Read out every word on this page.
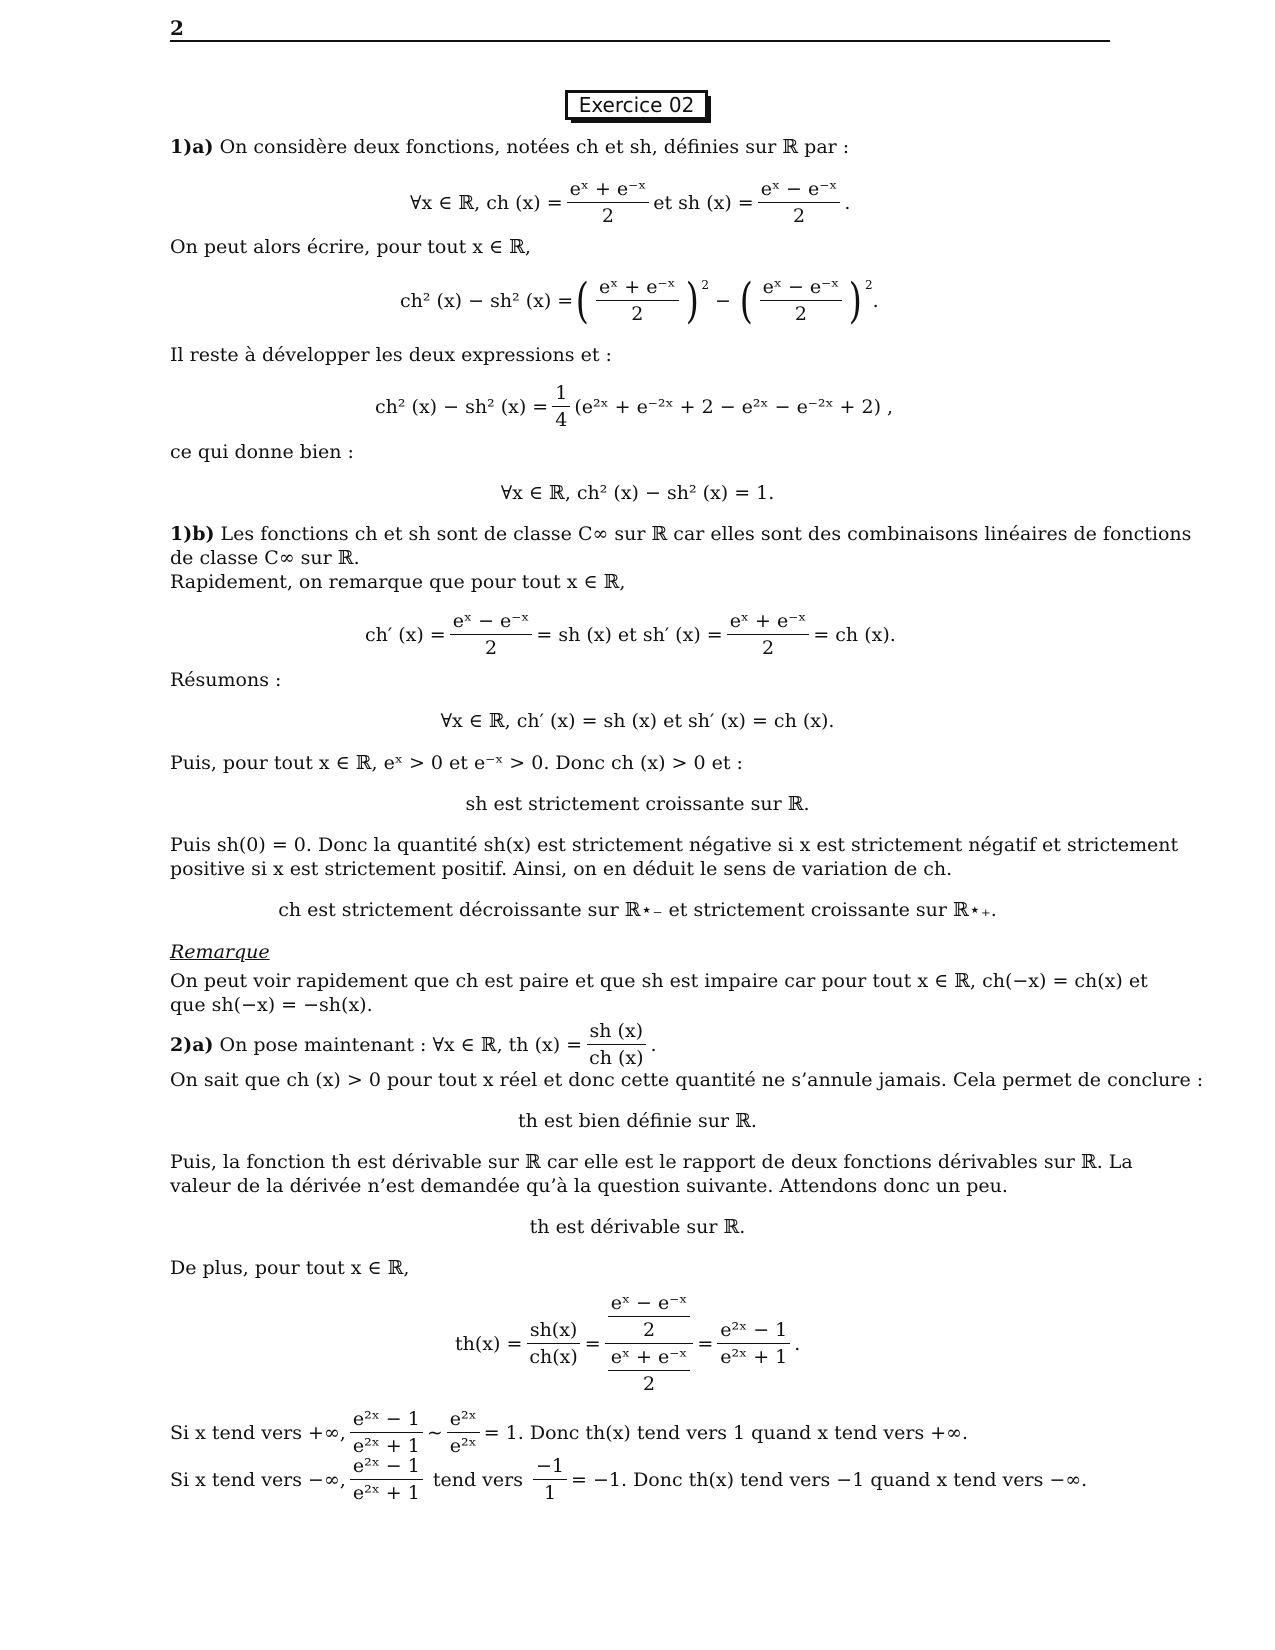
2
Exercice 02
1)a) On considère deux fonctions, notées ch et sh, définies sur ℝ par :
∀x ∈ ℝ, ch $(x) = \frac{\text{eˣ + e⁻ˣ}}{2}$ et sh $(x) = \frac{\text{eˣ − e⁻ˣ}}{2}$ .
On peut alors écrire, pour tout x ∈ ℝ,
ch² (x) − sh² (x) = ( $\frac{\text{eˣ + e⁻ˣ}}{2} )^2$
− ( $\frac{\text{eˣ − e⁻ˣ}}{2} )^2$
.
Il reste à développer les deux expressions et :
ch² (x) − sh² $(x) = \frac{1}{4}$ (e²ˣ + e⁻²ˣ + 2 − e²ˣ − e⁻²ˣ + 2) ,
ce qui donne bien :
∀x ∈ ℝ, ch² (x) − sh² (x) = 1.
1)b) Les fonctions ch et sh sont de classe C∞ sur ℝ car elles sont des combinaisons linéaires de fonctions
de classe C∞ sur ℝ.
Rapidement, on remarque que pour tout x ∈ ℝ,
ch′ $(x) = \frac{\text{eˣ − e⁻ˣ}}{2}$ = sh (x) et sh′ $(x) = \frac{\text{eˣ + e⁻ˣ}}{2}$ = ch (x).
Résumons :
∀x ∈ ℝ, ch′ (x) = sh (x) et sh′ (x) = ch (x).
Puis, pour tout x ∈ ℝ, eˣ > 0 et e⁻ˣ > 0. Donc ch (x) > 0 et :
sh est strictement croissante sur ℝ.
Puis sh(0) = 0. Donc la quantité sh(x) est strictement négative si x est strictement négatif et strictement
positive si x est strictement positif. Ainsi, on en déduit le sens de variation de ch.
ch est strictement décroissante sur ℝ⋆₋ et strictement croissante sur ℝ⋆₊.
Remarque
On peut voir rapidement que ch est paire et que sh est impaire car pour tout x ∈ ℝ, ch(−x) = ch(x) et
que sh(−x) = −sh(x).
2)a) On pose maintenant : ∀x ∈ ℝ, th $(x) = \frac{sh (x)}{ch (x)}$ .
On sait que ch (x) > 0 pour tout x réel et donc cette quantité ne s’annule jamais. Cela permet de conclure :
th est bien définie sur ℝ.
Puis, la fonction th est dérivable sur ℝ car elle est le rapport de deux fonctions dérivables sur ℝ. La
valeur de la dérivée n’est demandée qu’à la question suivante. Attendons donc un peu.
th est dérivable sur ℝ.
De plus, pour tout x ∈ ℝ,
$th(x) = \frac{sh(x)}{ch(x)} = \frac{\frac{\text{eˣ − e⁻ˣ}}{2}}{\frac{\text{eˣ + e⁻ˣ}}{2}} = \frac{\text{e²ˣ − 1}}{\text{e²ˣ + 1}}$ .
Si x tend vers +∞, $\frac{\text{e²ˣ − 1}}{\text{e²ˣ + 1}}$ ∼ $\frac{\text{e²ˣ}}{\text{e²ˣ}} = 1$. Donc th(x) tend vers 1 quand x tend vers +∞.
Si x tend vers −∞, $\frac{\text{e²ˣ − 1}}{\text{e²ˣ + 1}}$ tend vers $\frac{-1}{1} = -1$. Donc th(x) tend vers −1 quand x tend vers −∞.
